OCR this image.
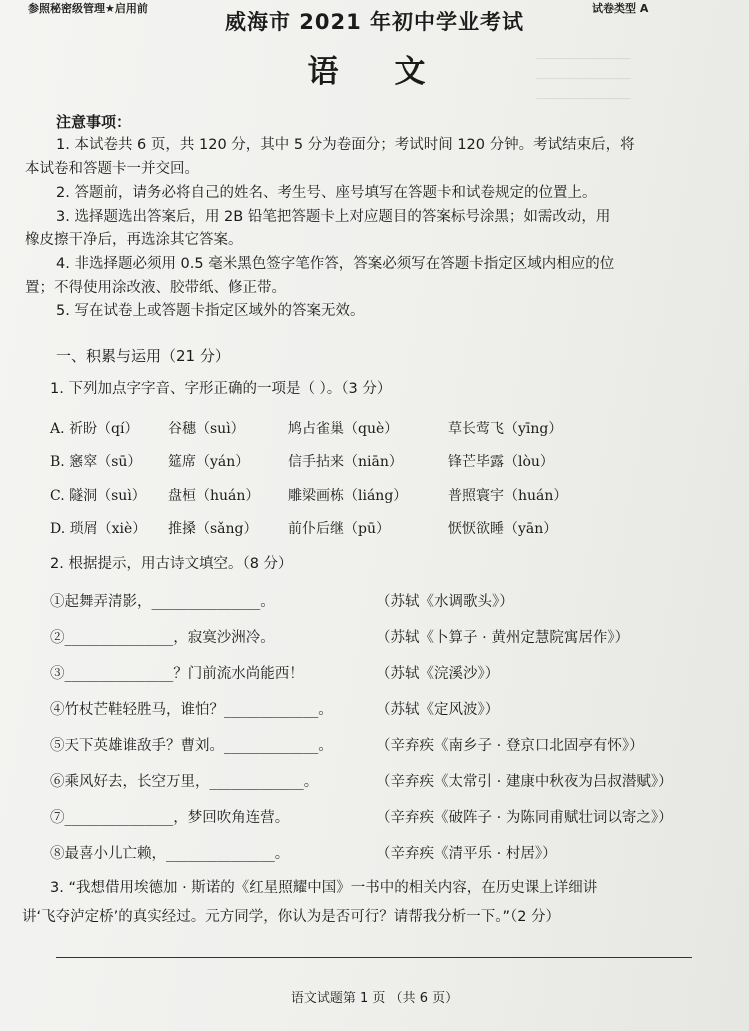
────────────
────────────
────────────

参照秘密级管理★启用前	试卷类型 A
威海市 2021 年初中学业考试
语文
注意事项：
1. 本试卷共 6 页，共 120 分，其中 5 分为卷面分；考试时间 120 分钟。考试结束后，将
本试卷和答题卡一并交回。
2. 答题前，请务必将自己的姓名、考生号、座号填写在答题卡和试卷规定的位置上。
3. 选择题选出答案后，用 2B 铅笔把答题卡上对应题目的答案标号涂黑；如需改动，用
橡皮擦干净后，再选涂其它答案。
4. 非选择题必须用 0.5 毫米黑色签字笔作答，答案必须写在答题卡指定区域内相应的位
置；不得使用涂改液、胶带纸、修正带。
5. 写在试卷上或答题卡指定区域外的答案无效。
一、积累与运用（21 分）
1. 下列加点字字音、字形正确的一项是（ ）。（3 分）
A. 祈盼（qí） 谷穗（suì）	鸠占雀巢（què）	草长莺飞（yīng）
B. 窸窣（sū） 筵席（yán）	信手拈来（niān）	锋芒毕露（lòu）
C. 隧洞（suì） 盘桓（huán） 雕梁画栋（liáng）	普照寰宇（huán）
D. 琐屑（xiè） 推搡（sǎng） 前仆后继（pū）	恹恹欲睡（yān）
2. 根据提示，用古诗文填空。（8 分）
①起舞弄清影，_______________。	（苏轼《水调歌头》）
②_______________，寂寞沙洲冷。	（苏轼《卜算子 · 黄州定慧院寓居作》）
③_______________？门前流水尚能西！	（苏轼《浣溪沙》）
④竹杖芒鞋轻胜马，谁怕？_____________。	（苏轼《定风波》）
⑤天下英雄谁敌手？曹刘。_____________。	（辛弃疾《南乡子 · 登京口北固亭有怀》）
⑥乘风好去，长空万里，_____________。	（辛弃疾《太常引 · 建康中秋夜为吕叔潜赋》）
⑦_______________，梦回吹角连营。	（辛弃疾《破阵子 · 为陈同甫赋壮词以寄之》）
⑧最喜小儿亡赖，_______________。	（辛弃疾《清平乐 · 村居》）
3. “我想借用埃德加 · 斯诺的《红星照耀中国》一书中的相关内容，在历史课上详细讲
讲‘飞夺泸定桥’的真实经过。元方同学，你认为是否可行？请帮我分析一下。”（2 分）
语文试题第 1 页 （共 6 页）
